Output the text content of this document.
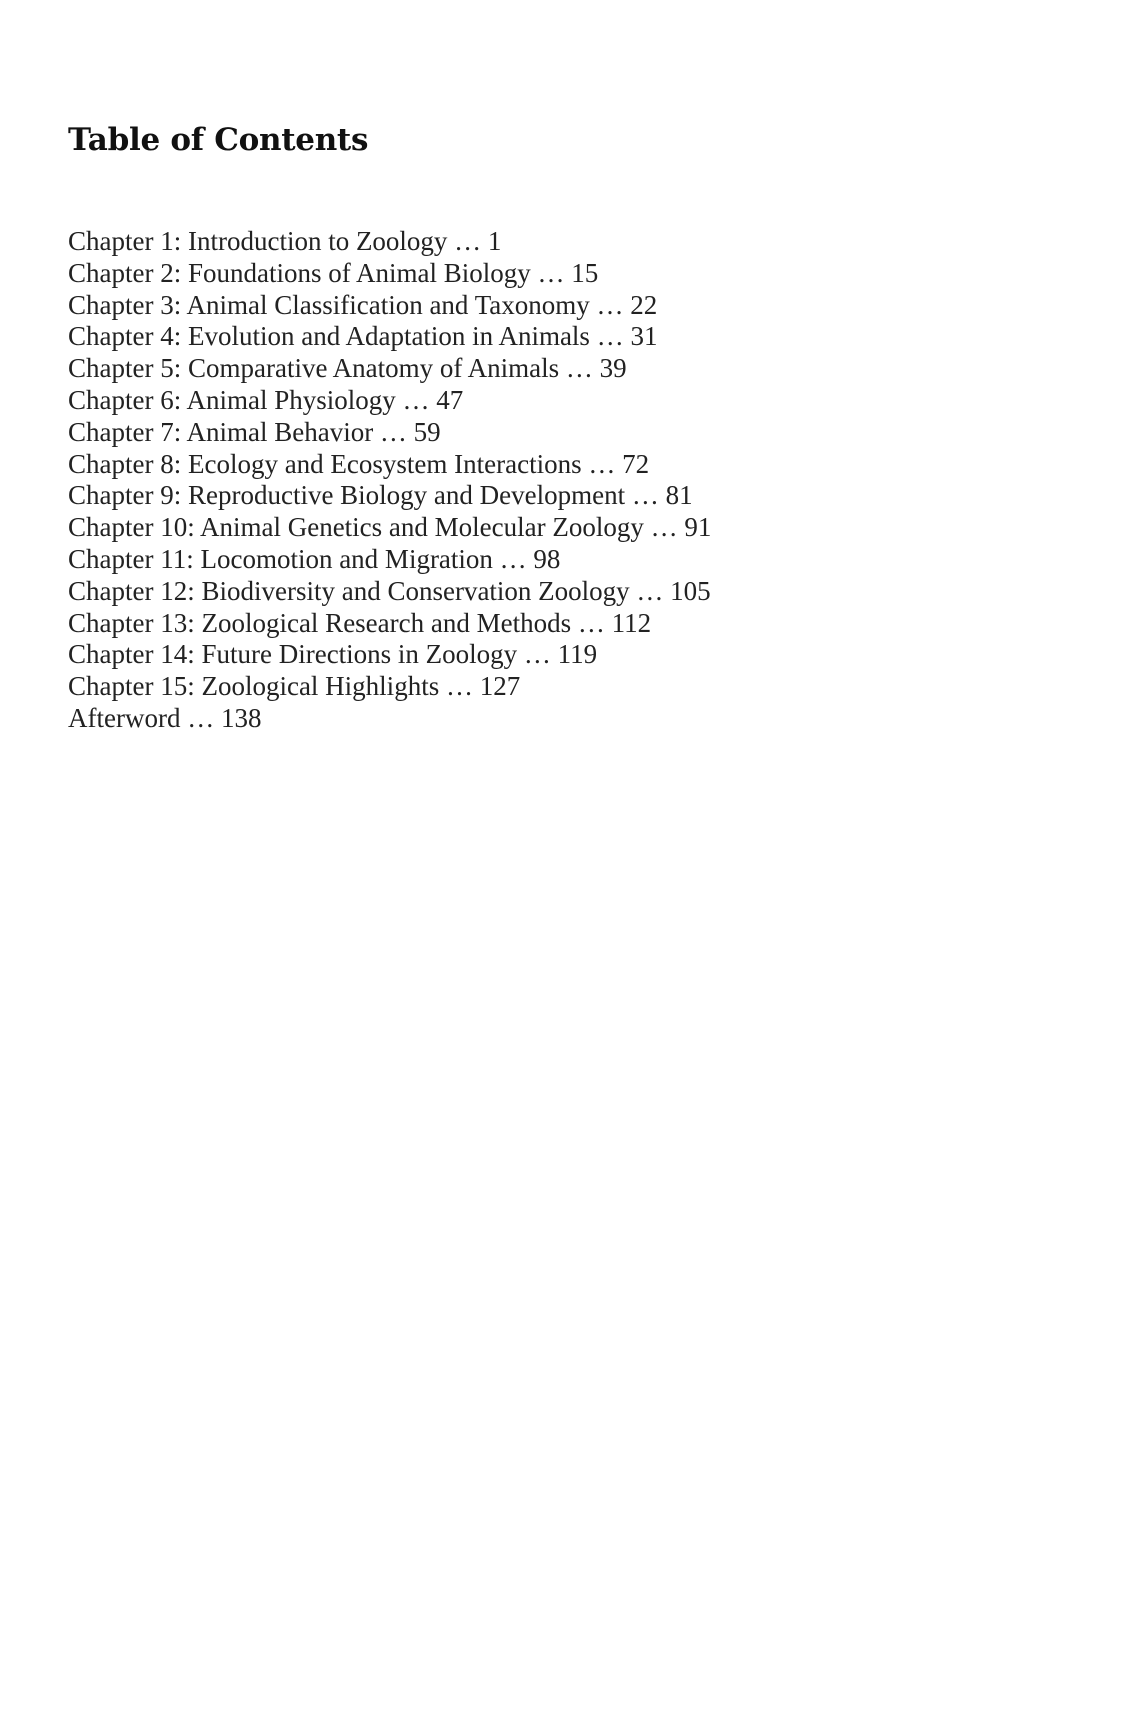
Table of Contents
Chapter 1: Introduction to Zoology … 1
Chapter 2: Foundations of Animal Biology … 15
Chapter 3: Animal Classification and Taxonomy … 22
Chapter 4: Evolution and Adaptation in Animals … 31
Chapter 5: Comparative Anatomy of Animals … 39
Chapter 6: Animal Physiology … 47
Chapter 7: Animal Behavior … 59
Chapter 8: Ecology and Ecosystem Interactions … 72
Chapter 9: Reproductive Biology and Development … 81
Chapter 10: Animal Genetics and Molecular Zoology … 91
Chapter 11: Locomotion and Migration … 98
Chapter 12: Biodiversity and Conservation Zoology … 105
Chapter 13: Zoological Research and Methods … 112
Chapter 14: Future Directions in Zoology … 119
Chapter 15: Zoological Highlights … 127
Afterword … 138
